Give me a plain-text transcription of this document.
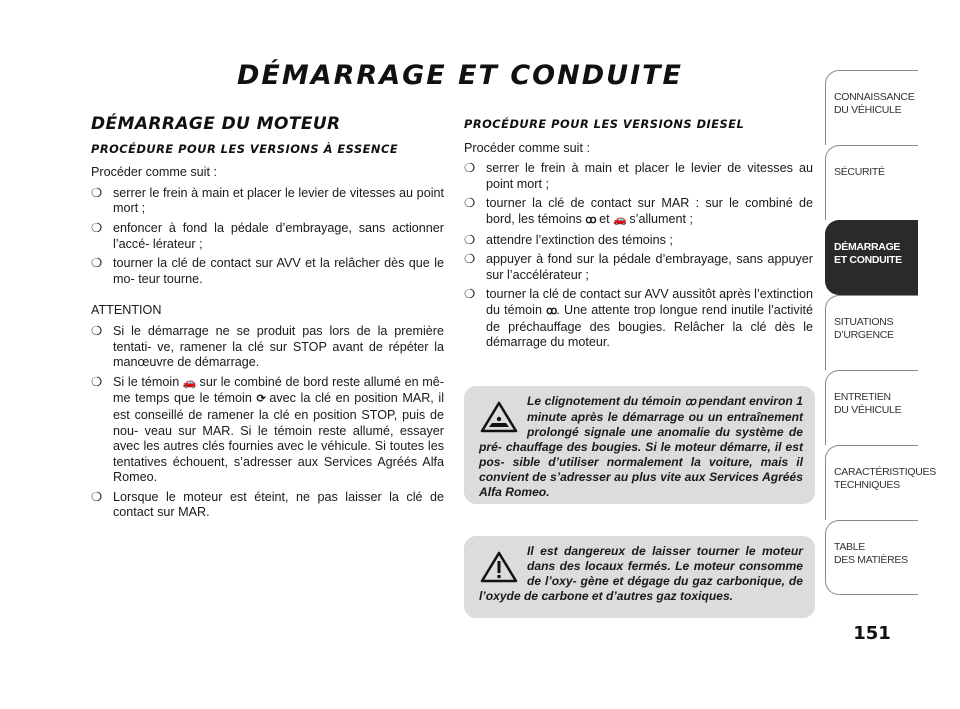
DÉMARRAGE ET CONDUITE
DÉMARRAGE DU MOTEUR
PROCÉDURE POUR LES VERSIONS À ESSENCE

Procéder comme suit :

❍ serrer le frein à main et placer le levier de vitesses au point mort ;
❍ enfoncer à fond la pédale d’embrayage, sans actionner l’accé- lérateur ;
❍ tourner la clé de contact sur AVV et la relâcher dès que le mo- teur tourne.

ATTENTION

❍ Si le démarrage ne se produit pas lors de la première tentati- ve, ramener la clé sur STOP avant de répéter la manœuvre de démarrage.
❍ Si le témoin 🚗 sur le combiné de bord reste allumé en mê- me temps que le témoin ⟳ avec la clé en position MAR, il est conseillé de ramener la clé en position STOP, puis de nou- veau sur MAR. Si le témoin reste allumé, essayer avec les autres clés fournies avec le véhicule. Si toutes les tentatives échouent, s’adresser aux Services Agréés Alfa Romeo.
❍ Lorsque le moteur est éteint, ne pas laisser la clé de contact sur MAR.
PROCÉDURE POUR LES VERSIONS DIESEL

Procéder comme suit :

❍ serrer le frein à main et placer le levier de vitesses au point mort ;
❍ tourner la clé de contact sur MAR : sur le combiné de bord, les témoins ꝏ et 🚗 s’allument ;
❍ attendre l’extinction des témoins ;
❍ appuyer à fond sur la pédale d’embrayage, sans appuyer sur l’accélérateur ;
❍ tourner la clé de contact sur AVV aussitôt après l’extinction du témoin ꝏ. Une attente trop longue rend inutile l’activité de préchauffage des bougies. Relâcher la clé dès le démarrage du moteur.
Le clignotement du témoin ꝏ pendant environ 1 minute après le démarrage ou un entraînement prolongé signale une anomalie du système de pré- chauffage des bougies. Si le moteur démarre, il est pos- sible d’utiliser normalement la voiture, mais il convient de s’adresser au plus vite aux Services Agréés Alfa Romeo.
Il est dangereux de laisser tourner le moteur dans des locaux fermés. Le moteur consomme de l’oxy- gène et dégage du gaz carbonique, de l’oxyde de carbone et d’autres gaz toxiques.
CONNAISSANCE
DU VÉHICULE
SÉCURITÉ
DÉMARRAGE
ET CONDUITE
SITUATIONS
D’URGENCE
ENTRETIEN
DU VÉHICULE
CARACTÉRISTIQUES
TECHNIQUES
TABLE
DES MATIÈRES
151
